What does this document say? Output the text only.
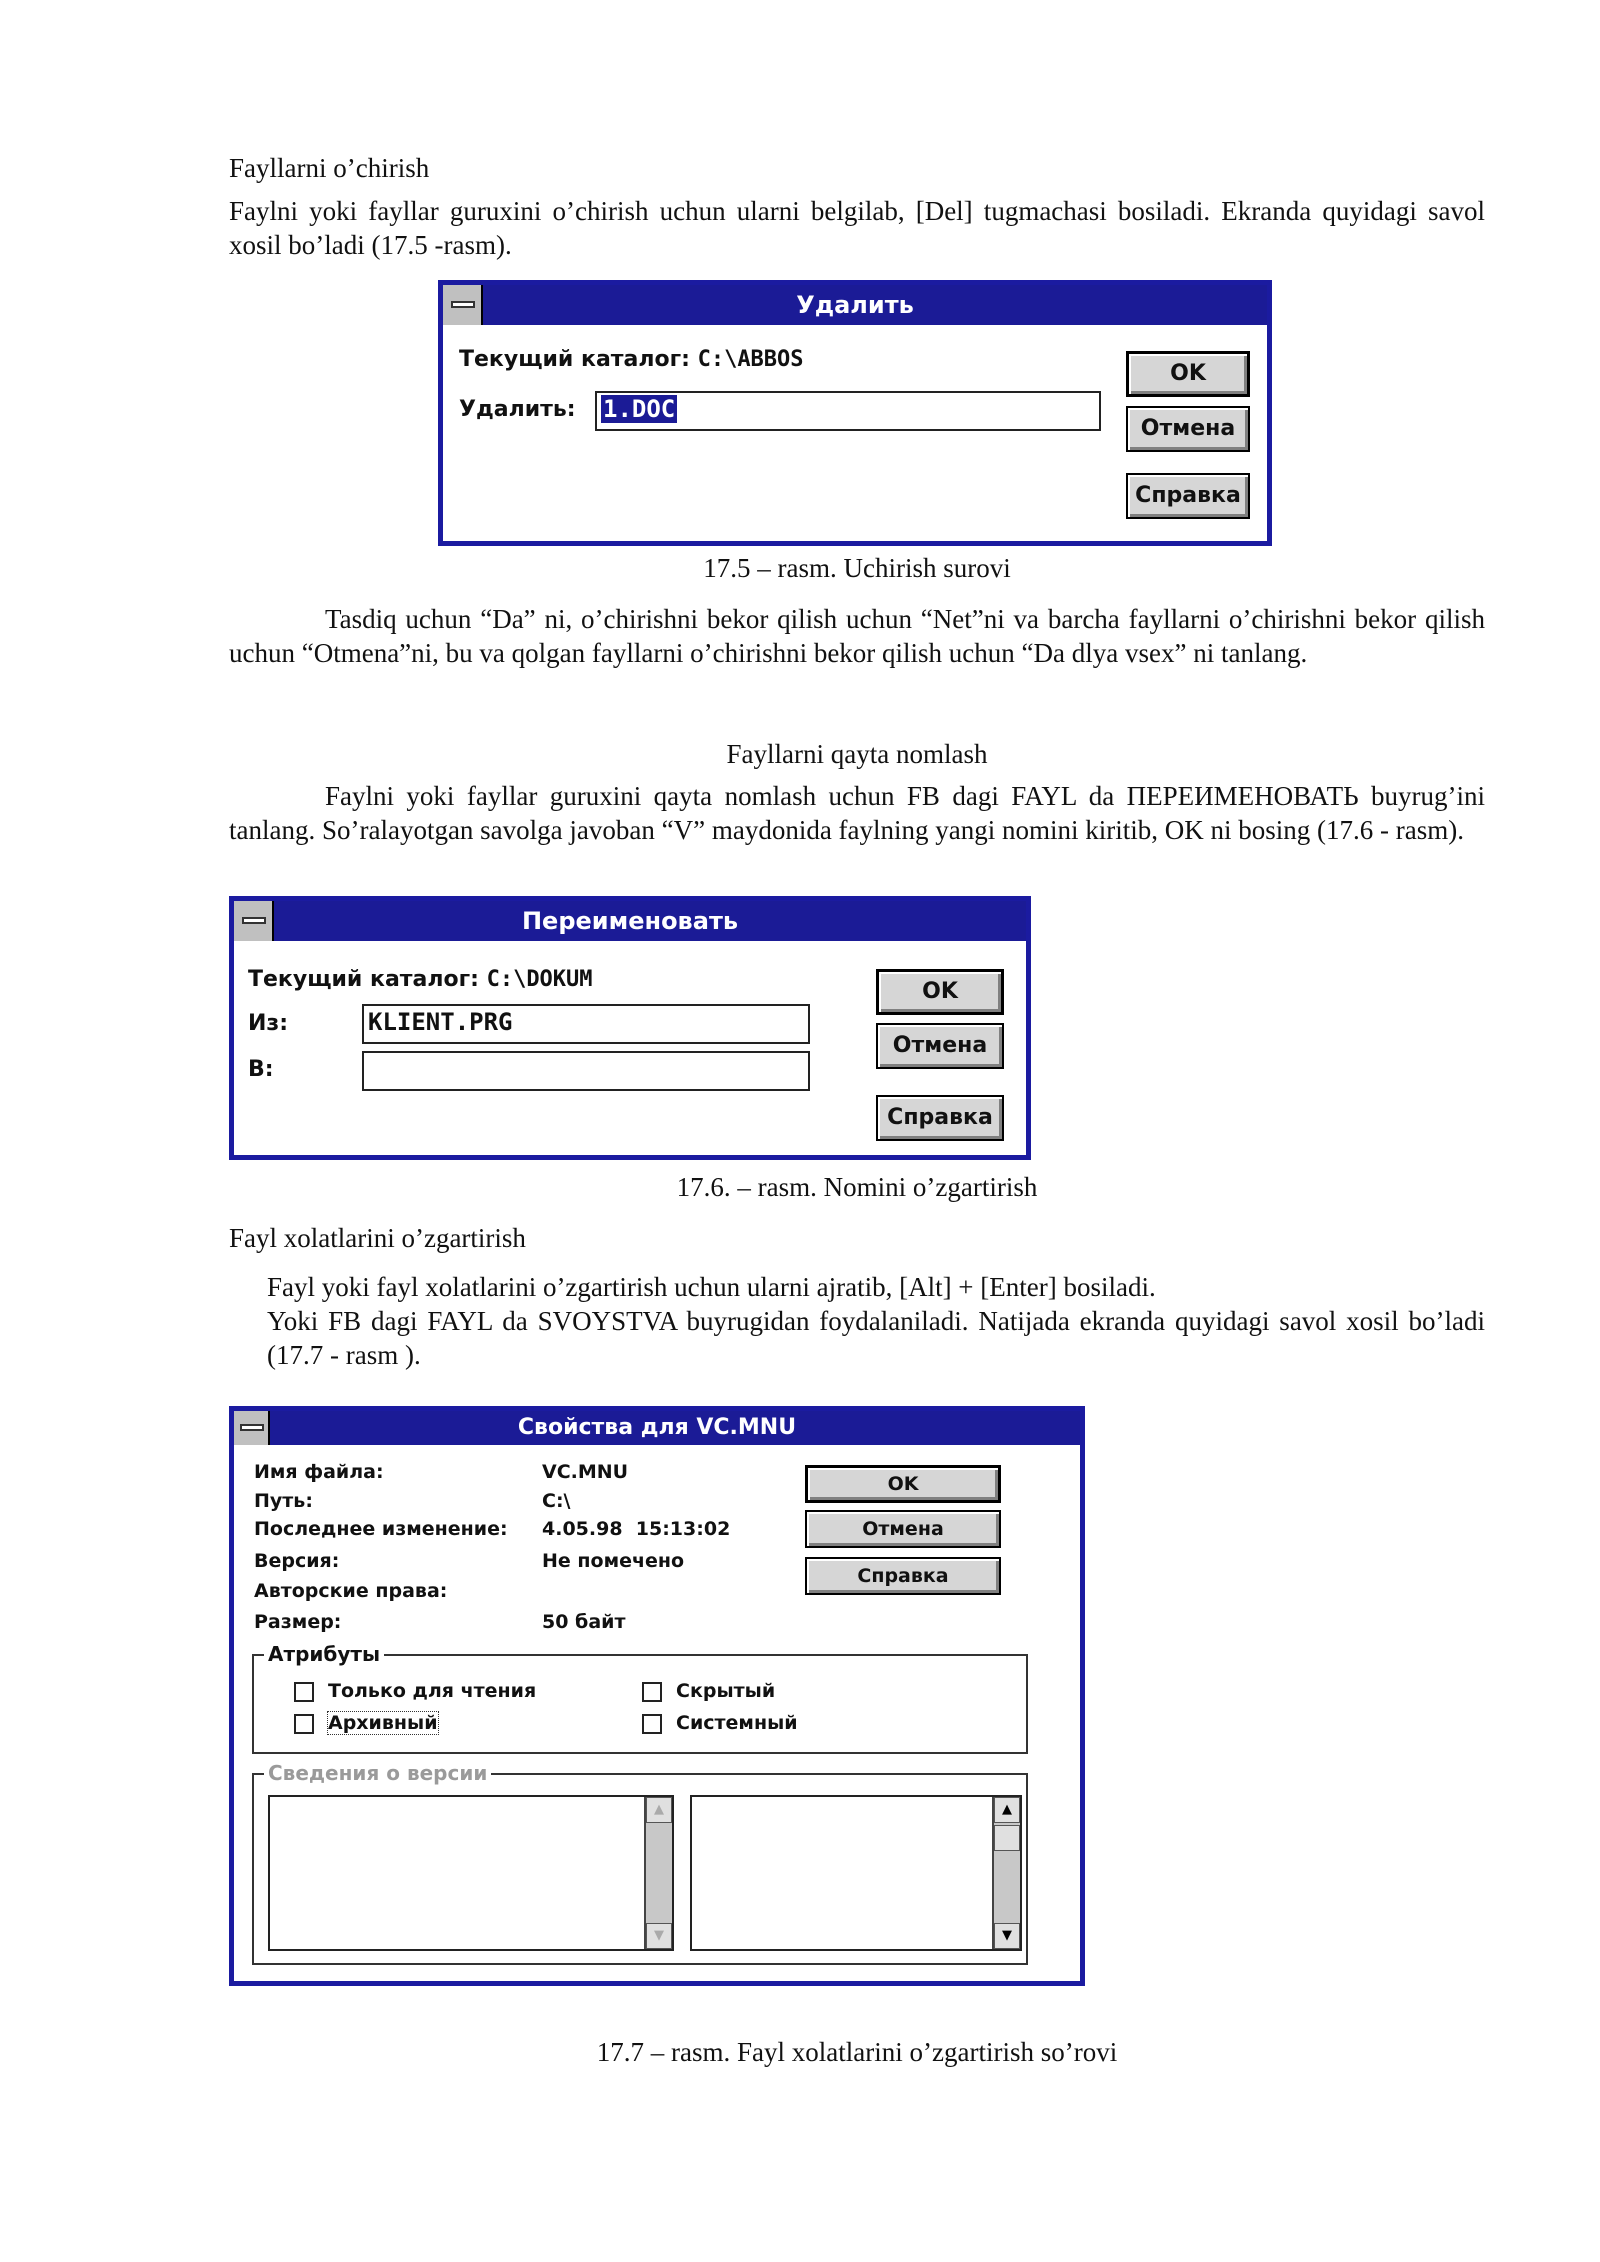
Fayllarni o’chirish
Faylni yoki fayllar guruxini o’chirish uchun ularni belgilab, [Del] tugmachasi bosiladi. Ekranda quyidagi savol xosil bo’ladi (17.5 -rasm).
Удалить
Текущий каталог: C:\ABBOS
Удалить:	1.DOC
OK
Отмена
Справка
17.5 – rasm. Uchirish surovi
Tasdiq uchun “Da” ni, o’chirishni bekor qilish uchun “Net”ni va barcha fayllarni o’chirishni bekor qilish uchun “Otmena”ni, bu va qolgan fayllarni o’chirishni bekor qilish uchun “Da dlya vsex” ni tanlang.
Fayllarni qayta nomlash
Faylni yoki fayllar guruxini qayta nomlash uchun FB dagi FAYL da ПЕРЕИМЕНОВАТЬ buyrug’ini tanlang. So’ralayotgan savolga javoban “V” maydonida faylning yangi nomini kiritib, OK ni bosing (17.6 - rasm).
Переименовать
Текущий каталог: C:\DOKUM
Из:	KLIENT.PRG
В:
OK
Отмена
Справка
17.6. – rasm. Nomini o’zgartirish
Fayl xolatlarini o’zgartirish
Fayl yoki fayl xolatlarini o’zgartirish uchun ularni ajratib, [Alt] + [Enter] bosiladi.
Yoki FB dagi FAYL da SVOYSTVA buyrugidan foydalaniladi. Natijada ekranda quyidagi savol xosil bo’ladi (17.7 - rasm ).
Свойства для VC.MNU
Имя файла:	VC.MNU
Путь:	C:\
Последнее изменение: 4.05.98  15:13:02
Версия:	Не помечено
Авторские права:
Размер:	50 байт
OK
Отмена
Справка
Атрибуты
Только для чтения	Скрытый
Архивный	Системный
Сведения о версии
▲
▼
▲
▼
17.7 – rasm. Fayl xolatlarini o’zgartirish so’rovi
